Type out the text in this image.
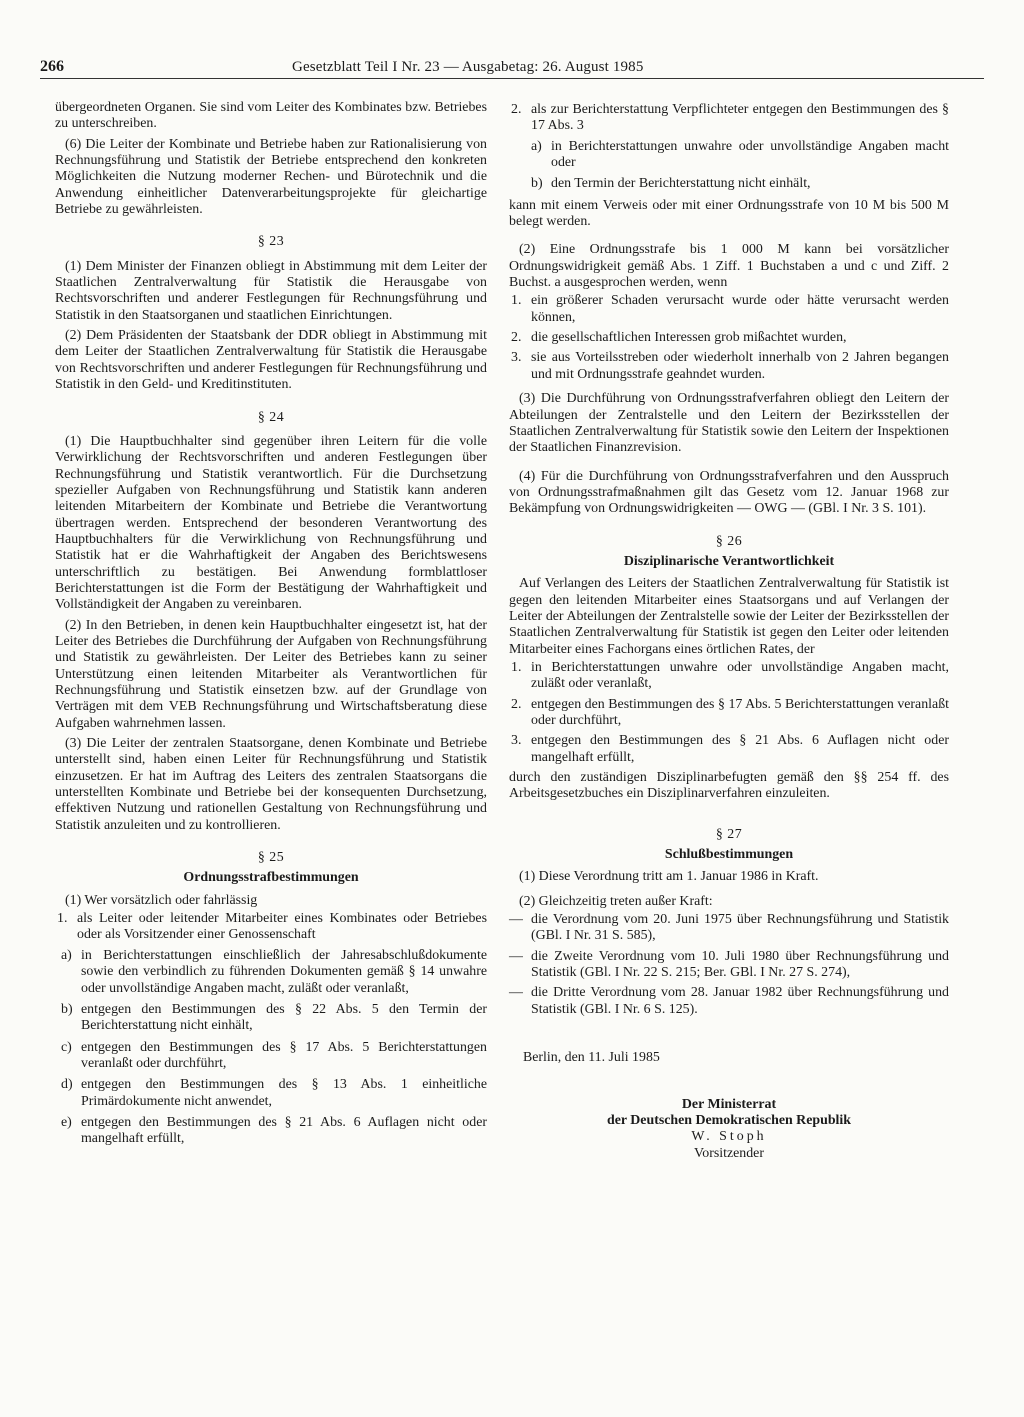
266	Gesetzblatt Teil I Nr. 23 — Ausgabetag: 26. August 1985

übergeordneten Organen. Sie sind vom Leiter des Kombinates bzw. Betriebes zu unterschreiben.

(6) Die Leiter der Kombinate und Betriebe haben zur Rationalisierung von Rechnungsführung und Statistik der Betriebe entsprechend den konkreten Möglichkeiten die Nutzung moderner Rechen- und Bürotechnik und die Anwendung einheitlicher Datenverarbeitungsprojekte für gleichartige Betriebe zu gewährleisten.

§ 23

(1) Dem Minister der Finanzen obliegt in Abstimmung mit dem Leiter der Staatlichen Zentralverwaltung für Statistik die Herausgabe von Rechtsvorschriften und anderer Festlegungen für Rechnungsführung und Statistik in den Staatsorganen und staatlichen Einrichtungen.

(2) Dem Präsidenten der Staatsbank der DDR obliegt in Abstimmung mit dem Leiter der Staatlichen Zentralverwaltung für Statistik die Herausgabe von Rechtsvorschriften und anderer Festlegungen für Rechnungsführung und Statistik in den Geld- und Kreditinstituten.

§ 24

(1) Die Hauptbuchhalter sind gegenüber ihren Leitern für die volle Verwirklichung der Rechtsvorschriften und anderen Festlegungen über Rechnungsführung und Statistik verantwortlich. Für die Durchsetzung spezieller Aufgaben von Rechnungsführung und Statistik kann anderen leitenden Mitarbeitern der Kombinate und Betriebe die Verantwortung übertragen werden. Entsprechend der besonderen Verantwortung des Hauptbuchhalters für die Verwirklichung von Rechnungsführung und Statistik hat er die Wahrhaftigkeit der Angaben des Berichtswesens unterschriftlich zu bestätigen. Bei Anwendung formblattloser Berichterstattungen ist die Form der Bestätigung der Wahrhaftigkeit und Vollständigkeit der Angaben zu vereinbaren.

(2) In den Betrieben, in denen kein Hauptbuchhalter eingesetzt ist, hat der Leiter des Betriebes die Durchführung der Aufgaben von Rechnungsführung und Statistik zu gewährleisten. Der Leiter des Betriebes kann zu seiner Unterstützung einen leitenden Mitarbeiter als Verantwortlichen für Rechnungsführung und Statistik einsetzen bzw. auf der Grundlage von Verträgen mit dem VEB Rechnungsführung und Wirtschaftsberatung diese Aufgaben wahrnehmen lassen.

(3) Die Leiter der zentralen Staatsorgane, denen Kombinate und Betriebe unterstellt sind, haben einen Leiter für Rechnungsführung und Statistik einzusetzen. Er hat im Auftrag des Leiters des zentralen Staatsorgans die unterstellten Kombinate und Betriebe bei der konsequenten Durchsetzung, effektiven Nutzung und rationellen Gestaltung von Rechnungsführung und Statistik anzuleiten und zu kontrollieren.

§ 25
Ordnungsstrafbestimmungen

(1) Wer vorsätzlich oder fahrlässig

1. als Leiter oder leitender Mitarbeiter eines Kombinates oder Betriebes oder als Vorsitzender einer Genossenschaft
a) in Berichterstattungen einschließlich der Jahresabschlußdokumente sowie den verbindlich zu führenden Dokumenten gemäß § 14 unwahre oder unvollständige Angaben macht, zuläßt oder veranlaßt,
b) entgegen den Bestimmungen des § 22 Abs. 5 den Termin der Berichterstattung nicht einhält,
c) entgegen den Bestimmungen des § 17 Abs. 5 Berichterstattungen veranlaßt oder durchführt,
d) entgegen den Bestimmungen des § 13 Abs. 1 einheitliche Primärdokumente nicht anwendet,
e) entgegen den Bestimmungen des § 21 Abs. 6 Auflagen nicht oder mangelhaft erfüllt,
2. als zur Berichterstattung Verpflichteter entgegen den Bestimmungen des § 17 Abs. 3
a) in Berichterstattungen unwahre oder unvollständige Angaben macht oder
b) den Termin der Berichterstattung nicht einhält,

kann mit einem Verweis oder mit einer Ordnungsstrafe von 10 M bis 500 M belegt werden.

(2) Eine Ordnungsstrafe bis 1 000 M kann bei vorsätzlicher Ordnungswidrigkeit gemäß Abs. 1 Ziff. 1 Buchstaben a und c und Ziff. 2 Buchst. a ausgesprochen werden, wenn

1. ein größerer Schaden verursacht wurde oder hätte verursacht werden können,
2. die gesellschaftlichen Interessen grob mißachtet wurden,
3. sie aus Vorteilsstreben oder wiederholt innerhalb von 2 Jahren begangen und mit Ordnungsstrafe geahndet wurden.

(3) Die Durchführung von Ordnungsstrafverfahren obliegt den Leitern der Abteilungen der Zentralstelle und den Leitern der Bezirksstellen der Staatlichen Zentralverwaltung für Statistik sowie den Leitern der Inspektionen der Staatlichen Finanzrevision.

(4) Für die Durchführung von Ordnungsstrafverfahren und den Ausspruch von Ordnungsstrafmaßnahmen gilt das Gesetz vom 12. Januar 1968 zur Bekämpfung von Ordnungswidrigkeiten — OWG — (GBl. I Nr. 3 S. 101).

§ 26
Disziplinarische Verantwortlichkeit

Auf Verlangen des Leiters der Staatlichen Zentralverwaltung für Statistik ist gegen den leitenden Mitarbeiter eines Staatsorgans und auf Verlangen der Leiter der Abteilungen der Zentralstelle sowie der Leiter der Bezirksstellen der Staatlichen Zentralverwaltung für Statistik ist gegen den Leiter oder leitenden Mitarbeiter eines Fachorgans eines örtlichen Rates, der

1. in Berichterstattungen unwahre oder unvollständige Angaben macht, zuläßt oder veranlaßt,
2. entgegen den Bestimmungen des § 17 Abs. 5 Berichterstattungen veranlaßt oder durchführt,
3. entgegen den Bestimmungen des § 21 Abs. 6 Auflagen nicht oder mangelhaft erfüllt,

durch den zuständigen Disziplinarbefugten gemäß den §§ 254 ff. des Arbeitsgesetzbuches ein Disziplinarverfahren einzuleiten.

§ 27
Schlußbestimmungen

(1) Diese Verordnung tritt am 1. Januar 1986 in Kraft.

(2) Gleichzeitig treten außer Kraft:

— die Verordnung vom 20. Juni 1975 über Rechnungsführung und Statistik (GBl. I Nr. 31 S. 585),
— die Zweite Verordnung vom 10. Juli 1980 über Rechnungsführung und Statistik (GBl. I Nr. 22 S. 215; Ber. GBl. I Nr. 27 S. 274),
— die Dritte Verordnung vom 28. Januar 1982 über Rechnungsführung und Statistik (GBl. I Nr. 6 S. 125).

Berlin, den 11. Juli 1985

Der Ministerrat
der Deutschen Demokratischen Republik
W. Stoph
Vorsitzender
